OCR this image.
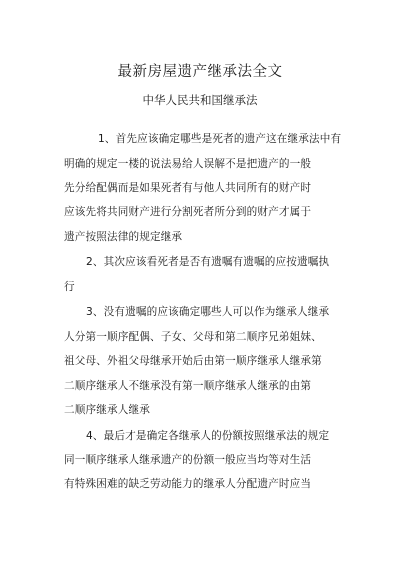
最新房屋遗产继承法全文
中华人民共和国继承法
1、首先应该确定哪些是死者的遗产这在继承法中有
明确的规定一楼的说法易给人误解不是把遗产的一般
先分给配偶而是如果死者有与他人共同所有的财产时
应该先将共同财产进行分割死者所分到的财产才属于
遗产按照法律的规定继承
2、其次应该看死者是否有遗嘱有遗嘱的应按遗嘱执
行
3、没有遗嘱的应该确定哪些人可以作为继承人继承
人分第一顺序配偶、子女、父母和第二顺序兄弟姐妹、
祖父母、外祖父母继承开始后由第一顺序继承人继承第
二顺序继承人不继承没有第一顺序继承人继承的由第
二顺序继承人继承
4、最后才是确定各继承人的份额按照继承法的规定
同一顺序继承人继承遗产的份额一般应当均等对生活
有特殊困难的缺乏劳动能力的继承人分配遗产时应当
